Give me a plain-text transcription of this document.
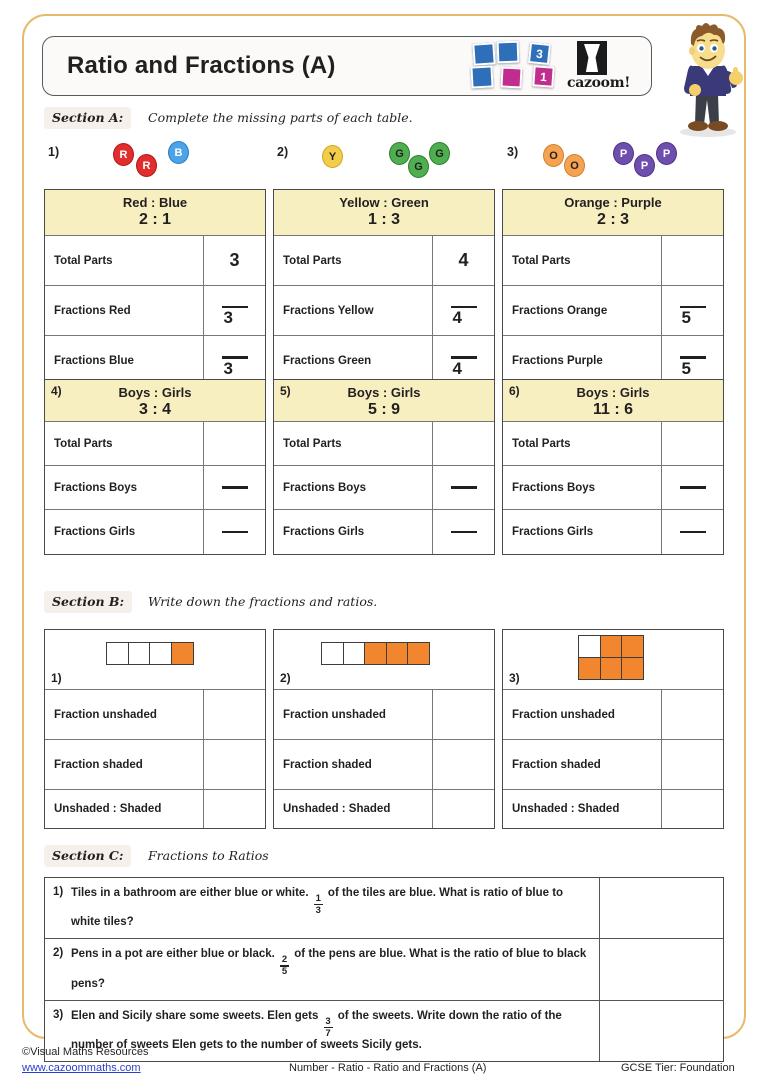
Ratio and Fractions (A)	3
1	cazoom!
Section A:	Complete the missing parts of each table.
1)	R
R
B	2)	Y	G
G
G	3)	O
O
P
P
P
Red : Blue
2 : 1
Total Parts	3
Fractions Red	3
Fractions Blue	3
Yellow : Green
1 : 3
Total Parts	4
Fractions Yellow	4
Fractions Green	4
Orange : Purple
2 : 3
Total Parts
Fractions Orange	5
Fractions Purple	5
4)	Boys : Girls
3 : 4
Total Parts
Fractions Boys
Fractions Girls
5)	Boys : Girls
5 : 9
Total Parts
Fractions Boys
Fractions Girls
6)	Boys : Girls
11 : 6
Total Parts
Fractions Boys
Fractions Girls
Section B:	Write down the fractions and ratios.
1)
Fraction unshaded
Fraction shaded
Unshaded : Shaded
2)
Fraction unshaded
Fraction shaded
Unshaded : Shaded
3)
Fraction unshaded
Fraction shaded
Unshaded : Shaded
Section C:	Fractions to Ratios
1) Tiles in a bathroom are either blue or white.
$\frac{1}{3}$
of the tiles are blue. What is ratio of blue to white tiles?
2) Pens in a pot are either blue or black.
$\frac{2}{5}$
of the pens are blue. What is the ratio of blue to black pens?
3) Elen and Sicily share some sweets. Elen gets
$\frac{3}{7}$
of the sweets. Write down the ratio of the number of sweets Elen gets to the number of sweets Sicily gets.
©Visual Maths Resources
www.cazoommaths.com	Number - Ratio - Ratio and Fractions (A)	GCSE Tier: Foundation
